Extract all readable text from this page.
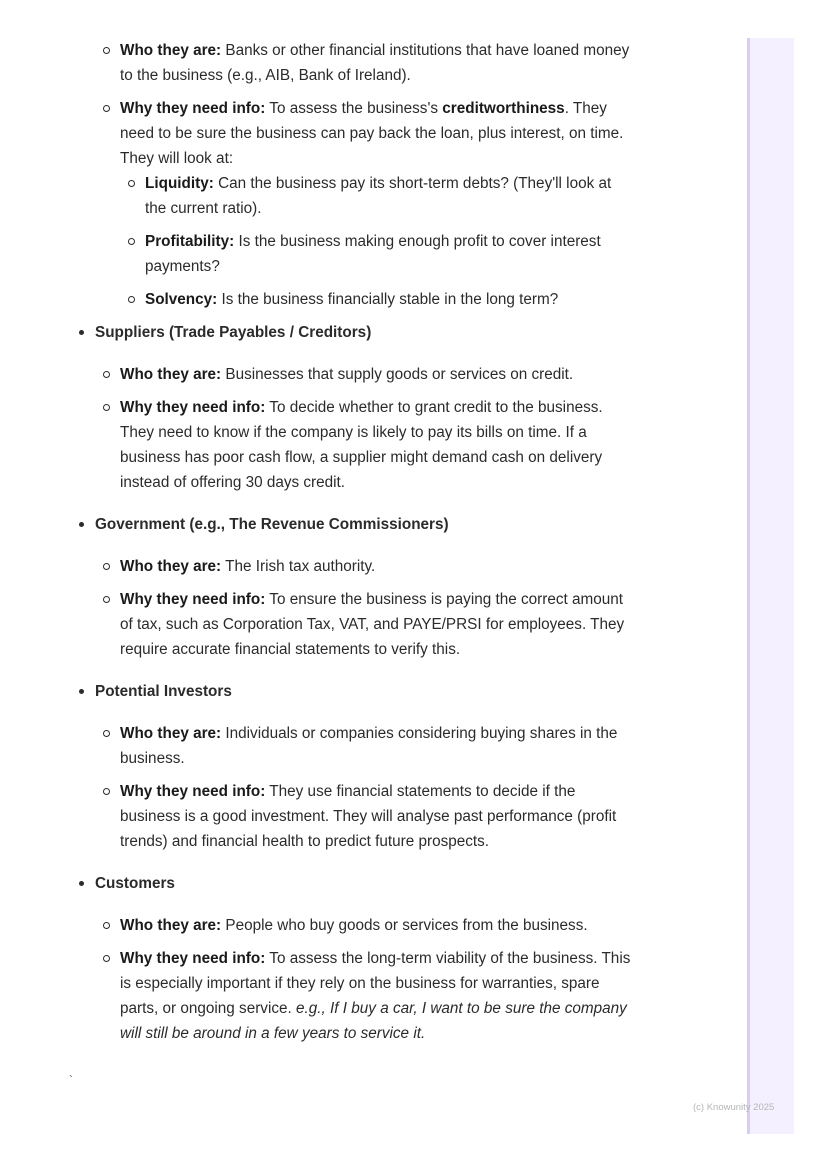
Who they are: Banks or other financial institutions that have loaned money to the business (e.g., AIB, Bank of Ireland).
Why they need info: To assess the business's creditworthiness. They need to be sure the business can pay back the loan, plus interest, on time. They will look at:
Liquidity: Can the business pay its short-term debts? (They'll look at the current ratio).
Profitability: Is the business making enough profit to cover interest payments?
Solvency: Is the business financially stable in the long term?
Suppliers (Trade Payables / Creditors)
Who they are: Businesses that supply goods or services on credit.
Why they need info: To decide whether to grant credit to the business. They need to know if the company is likely to pay its bills on time. If a business has poor cash flow, a supplier might demand cash on delivery instead of offering 30 days credit.
Government (e.g., The Revenue Commissioners)
Who they are: The Irish tax authority.
Why they need info: To ensure the business is paying the correct amount of tax, such as Corporation Tax, VAT, and PAYE/PRSI for employees. They require accurate financial statements to verify this.
Potential Investors
Who they are: Individuals or companies considering buying shares in the business.
Why they need info: They use financial statements to decide if the business is a good investment. They will analyse past performance (profit trends) and financial health to predict future prospects.
Customers
Who they are: People who buy goods or services from the business.
Why they need info: To assess the long-term viability of the business. This is especially important if they rely on the business for warranties, spare parts, or ongoing service. e.g., If I buy a car, I want to be sure the company will still be around in a few years to service it.
`
(c) Knowunity 2025
